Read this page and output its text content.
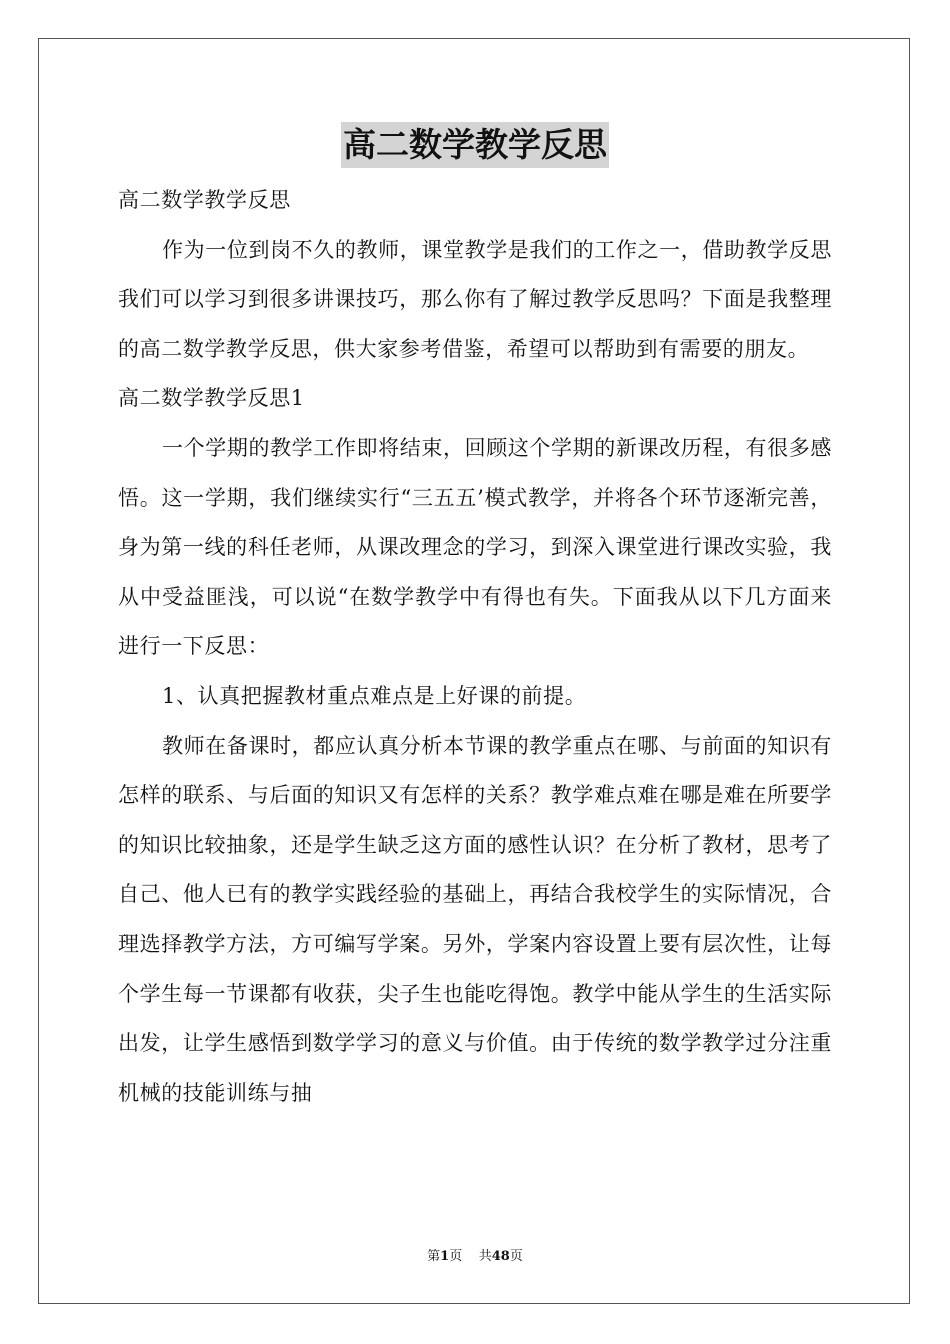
高二数学教学反思

高二数学教学反思

作为一位到岗不久的教师，课堂教学是我们的工作之一，借助教学反思我们可以学习到很多讲课技巧，那么你有了解过教学反思吗？下面是我整理的高二数学教学反思，供大家参考借鉴，希望可以帮助到有需要的朋友。

高二数学教学反思1

一个学期的教学工作即将结束，回顾这个学期的新课改历程，有很多感悟。这一学期，我们继续实行“三五五’模式教学，并将各个环节逐渐完善，身为第一线的科任老师，从课改理念的学习，到深入课堂进行课改实验，我从中受益匪浅，可以说“在数学教学中有得也有失。下面我从以下几方面来进行一下反思：

1、认真把握教材重点难点是上好课的前提。

教师在备课时，都应认真分析本节课的教学重点在哪、与前面的知识有怎样的联系、与后面的知识又有怎样的关系？教学难点难在哪是难在所要学的知识比较抽象，还是学生缺乏这方面的感性认识？在分析了教材，思考了自己、他人已有的教学实践经验的基础上，再结合我校学生的实际情况，合理选择教学方法，方可编写学案。另外，学案内容设置上要有层次性，让每个学生每一节课都有收获，尖子生也能吃得饱。教学中能从学生的生活实际出发，让学生感悟到数学学习的意义与价值。由于传统的数学教学过分注重机械的技能训练与抽

第1页 共48页
